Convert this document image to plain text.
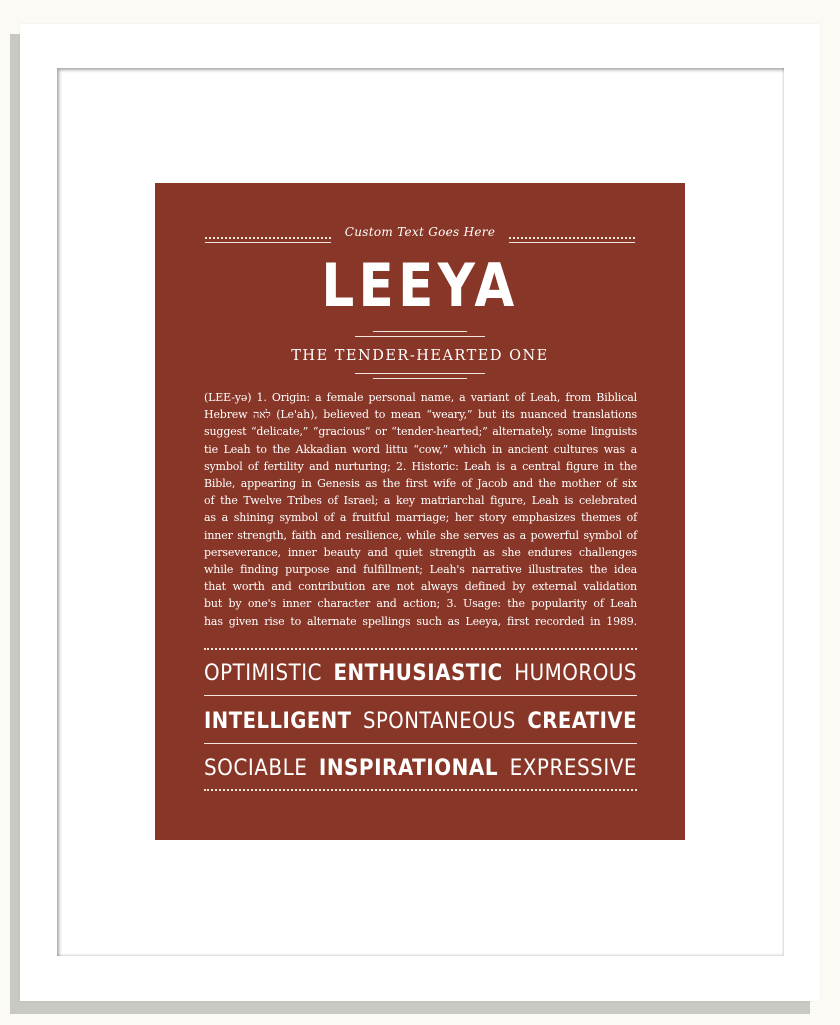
Custom Text Goes Here
LEEYA
THE TENDER-HEARTED ONE
(LEE-yə) 1. Origin: a female personal name, a variant of Leah, from Biblical
Hebrew לאה (Le'ah), believed to mean “weary,” but its nuanced translations
suggest “delicate,” “gracious” or “tender-hearted;” alternately, some linguists
tie Leah to the Akkadian word littu “cow,” which in ancient cultures was a
symbol of fertility and nurturing; 2. Historic: Leah is a central figure in the
Bible, appearing in Genesis as the first wife of Jacob and the mother of six
of the Twelve Tribes of Israel; a key matriarchal figure, Leah is celebrated
as a shining symbol of a fruitful marriage; her story emphasizes themes of
inner strength, faith and resilience, while she serves as a powerful symbol of
perseverance, inner beauty and quiet strength as she endures challenges
while finding purpose and fulfillment; Leah's narrative illustrates the idea
that worth and contribution are not always defined by external validation
but by one's inner character and action; 3. Usage: the popularity of Leah
has given rise to alternate spellings such as Leeya, first recorded in 1989.
OPTIMISTIC ENTHUSIASTIC HUMOROUS
INTELLIGENT SPONTANEOUS CREATIVE
SOCIABLE INSPIRATIONAL EXPRESSIVE
